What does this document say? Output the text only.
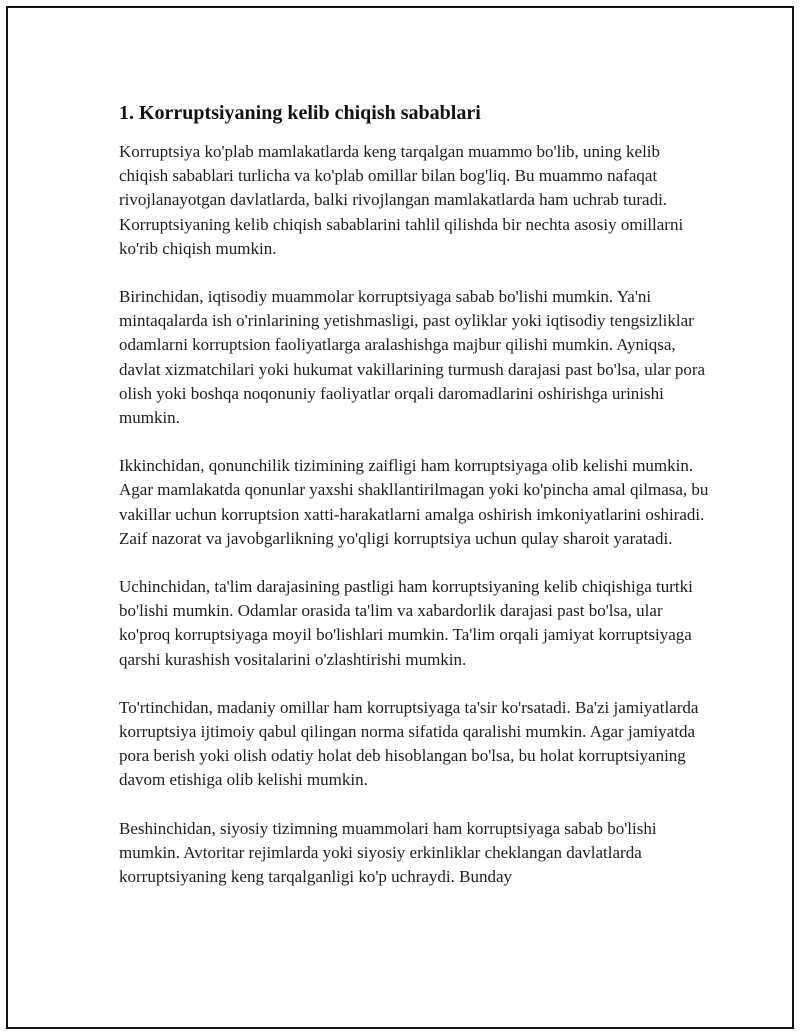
1. Korruptsiyaning kelib chiqish sabablari

Korruptsiya ko'plab mamlakatlarda keng tarqalgan muammo bo'lib, uning kelib chiqish sabablari turlicha va ko'plab omillar bilan bog'liq. Bu muammo nafaqat rivojlanayotgan davlatlarda, balki rivojlangan mamlakatlarda ham uchrab turadi. Korruptsiyaning kelib chiqish sabablarini tahlil qilishda bir nechta asosiy omillarni ko'rib chiqish mumkin.

Birinchidan, iqtisodiy muammolar korruptsiyaga sabab bo'lishi mumkin. Ya'ni mintaqalarda ish o'rinlarining yetishmasligi, past oyliklar yoki iqtisodiy tengsizliklar odamlarni korruptsion faoliyatlarga aralashishga majbur qilishi mumkin. Ayniqsa, davlat xizmatchilari yoki hukumat vakillarining turmush darajasi past bo'lsa, ular pora olish yoki boshqa noqonuniy faoliyatlar orqali daromadlarini oshirishga urinishi mumkin.

Ikkinchidan, qonunchilik tizimining zaifligi ham korruptsiyaga olib kelishi mumkin. Agar mamlakatda qonunlar yaxshi shakllantirilmagan yoki ko'pincha amal qilmasa, bu vakillar uchun korruptsion xatti-harakatlarni amalga oshirish imkoniyatlarini oshiradi. Zaif nazorat va javobgarlikning yo'qligi korruptsiya uchun qulay sharoit yaratadi.

Uchinchidan, ta'lim darajasining pastligi ham korruptsiyaning kelib chiqishiga turtki bo'lishi mumkin. Odamlar orasida ta'lim va xabardorlik darajasi past bo'lsa, ular ko'proq korruptsiyaga moyil bo'lishlari mumkin. Ta'lim orqali jamiyat korruptsiyaga qarshi kurashish vositalarini o'zlashtirishi mumkin.

To'rtinchidan, madaniy omillar ham korruptsiyaga ta'sir ko'rsatadi. Ba'zi jamiyatlarda korruptsiya ijtimoiy qabul qilingan norma sifatida qaralishi mumkin. Agar jamiyatda pora berish yoki olish odatiy holat deb hisoblangan bo'lsa, bu holat korruptsiyaning davom etishiga olib kelishi mumkin.

Beshinchidan, siyosiy tizimning muammolari ham korruptsiyaga sabab bo'lishi mumkin. Avtoritar rejimlarda yoki siyosiy erkinliklar cheklangan davlatlarda korruptsiyaning keng tarqalganligi ko'p uchraydi. Bunday
